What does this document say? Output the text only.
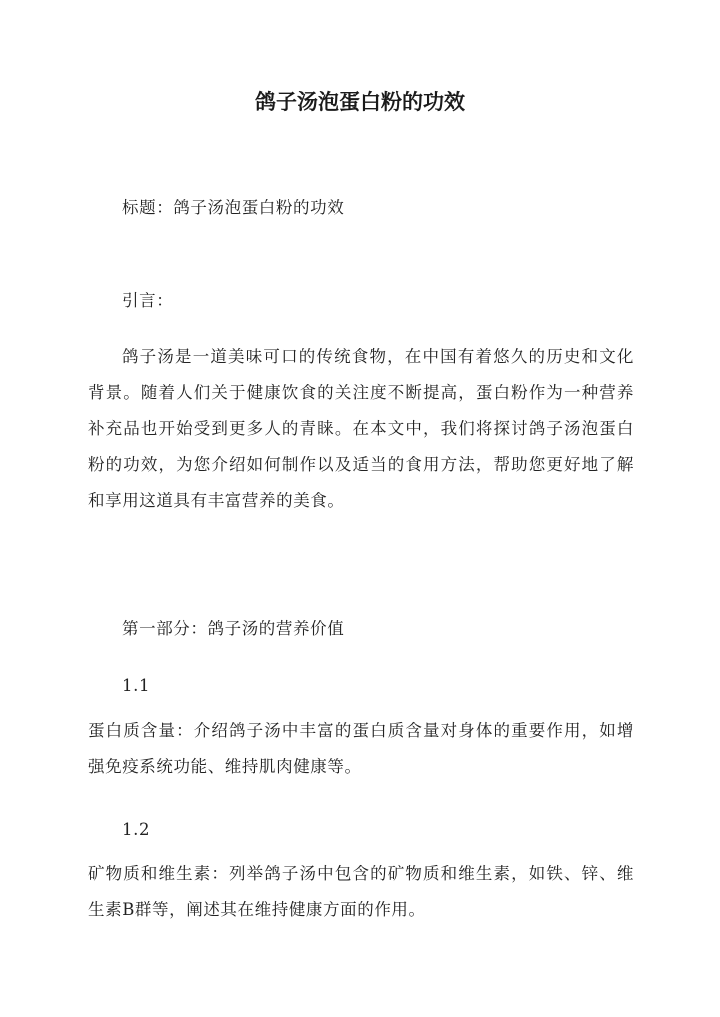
鸽子汤泡蛋白粉的功效
标题：鸽子汤泡蛋白粉的功效
引言：
鸽子汤是一道美味可口的传统食物，在中国有着悠久的历史和文化背景。随着人们关于健康饮食的关注度不断提高，蛋白粉作为一种营养补充品也开始受到更多人的青睐。在本文中，我们将探讨鸽子汤泡蛋白粉的功效，为您介绍如何制作以及适当的食用方法，帮助您更好地了解和享用这道具有丰富营养的美食。
第一部分：鸽子汤的营养价值
1.1
蛋白质含量：介绍鸽子汤中丰富的蛋白质含量对身体的重要作用，如增强免疫系统功能、维持肌肉健康等。
1.2
矿物质和维生素：列举鸽子汤中包含的矿物质和维生素，如铁、锌、维生素B群等，阐述其在维持健康方面的作用。
